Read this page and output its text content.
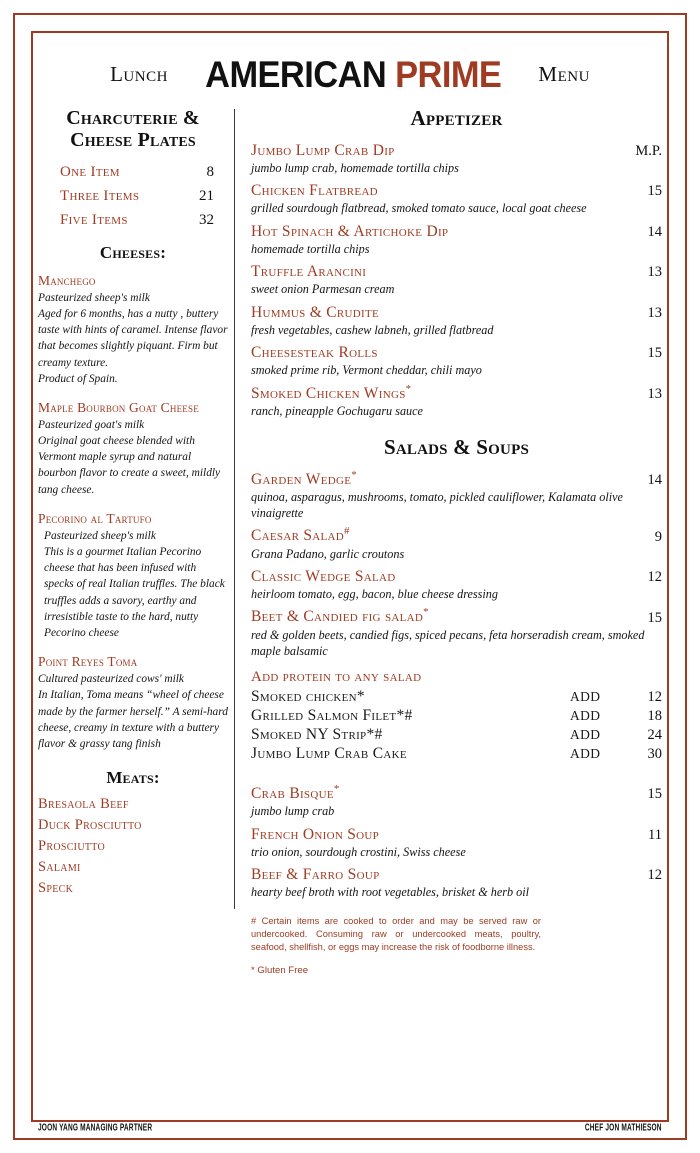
Lunch AMERICAN PRIME Menu
Charcuterie &
Cheese Plates
One Item	8
Three Items	21
Five Items	32
Cheeses:
Manchego
Pasteurized sheep's milk
Aged for 6 months, has a nutty , buttery taste with hints of caramel. Intense flavor that becomes slightly piquant. Firm but creamy texture.
Product of Spain.
Maple Bourbon Goat Cheese
Pasteurized goat's milk
Original goat cheese blended with Vermont maple syrup and natural bourbon flavor to create a sweet, mildly tang cheese.
Pecorino al Tartufo
Pasteurized sheep's milk
This is a gourmet Italian Pecorino cheese that has been infused with specks of real Italian truffles. The black truffles adds a savory, earthy and irresistible taste to the hard, nutty Pecorino cheese
Point Reyes Toma
Cultured pasteurized cows' milk
In Italian, Toma means “wheel of cheese made by the farmer herself.” A semi-hard cheese, creamy in texture with a buttery flavor & grassy tang finish
Meats:
Bresaola Beef
Duck Prosciutto
Prosciutto
Salami
Speck
Appetizer
Jumbo Lump Crab Dip	M.P.
jumbo lump crab, homemade tortilla chips
Chicken Flatbread	15
grilled sourdough flatbread, smoked tomato sauce, local goat cheese
Hot Spinach & Artichoke Dip	14
homemade tortilla chips
Truffle Arancini	13
sweet onion Parmesan cream
Hummus & Crudite	13
fresh vegetables, cashew labneh, grilled flatbread
Cheesesteak Rolls	15
smoked prime rib, Vermont cheddar, chili mayo
Smoked Chicken Wings*	13
ranch, pineapple Gochugaru sauce
Salads & Soups
Garden Wedge*	14
quinoa, asparagus, mushrooms, tomato, pickled cauliflower, Kalamata olive vinaigrette
Caesar Salad#	9
Grana Padano, garlic croutons
Classic Wedge Salad	12
heirloom tomato, egg, bacon, blue cheese dressing
Beet & Candied fig salad*	15
red & golden beets, candied figs, spiced pecans, feta horseradish cream, smoked maple balsamic
Add protein to any salad
Smoked chicken*	ADD	12
Grilled Salmon Filet*#	ADD	18
Smoked NY Strip*#	ADD	24
Jumbo Lump Crab Cake	ADD	30
Crab Bisque*	15
jumbo lump crab
French Onion Soup	11
trio onion, sourdough crostini, Swiss cheese
Beef & Farro Soup	12
hearty beef broth with root vegetables, brisket & herb oil
# Certain items are cooked to order and may be served raw or undercooked. Consuming raw or undercooked meats, poultry, seafood, shellfish, or eggs may increase the risk of foodborne illness.
* Gluten Free
JOON YANG MANAGING PARTNER	CHEF JON MATHIESON
